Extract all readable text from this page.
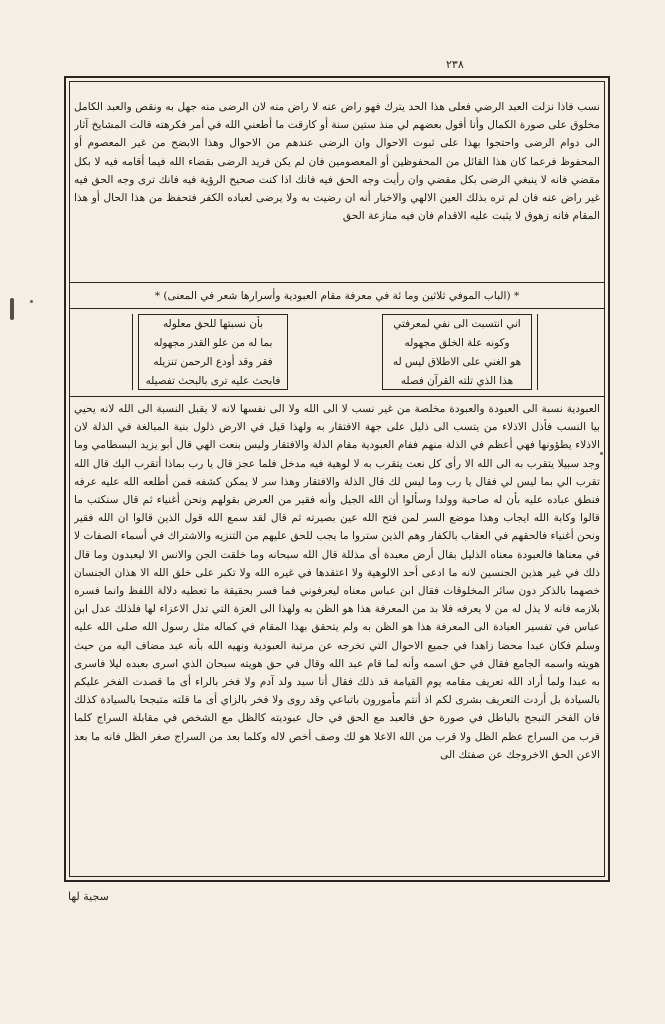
٢٣٨

نسب فاذا نزلت العبد الرضي فعلى هذا الحد يترك فهو راض عنه لا راض منه لان الرضى منه جهل به ونقص والعبد الكامل مخلوق على صورة الكمال وأنا أقول بعضهم لي منذ ستين سنة أو كارقت ما أطعني الله في أمر فكرهته قالت المشايخ آثار الى دوام الرضى واحتجوا بهذا على ثبوت الاحوال وان الرضى عندهم من الاحوال وهذا الابضح من غير المعصوم أو المحفوظ فرعما كان هذا القائل من المحفوظين أو المعصومين فان لم يكن فريد الرضى بقضاء الله فيما أقامه فيه لا بكل مقضي فانه لا ينبغي الرضى بكل مقضي وان رأيت وجه الحق فيه فانك اذا كنت صحيح الرؤية فيه فانك ترى وجه الحق فيه غير راض عنه فان لم تره بذلك العين الالهي والاخبار أنه ان رضيت به ولا يرضى لعباده الكفر فتحفظ من هذا الحال أو هذا المقام فانه زهوق لا يثبت عليه الاقدام فان فيه منازعة الحق

* (الباب الموفي ثلاثين وما ئة في معرفة مقام العبودية وأسرارها شعر في المعنى) *
اني انتسبت الى نفي لمعرفتي
وكونه علة الخلق مجهوله
هو الغني على الاطلاق ليس له
هذا الذي تلته القرآن فصله
بأن نسبتها للحق معلوله
بما له من علو القدر مجهوله
فقر وقد أودع الرحمن تنزيله
فابحث عليه ترى بالبحث تفصيله

العبودية نسبة الى العبودة والعبودة مخلصة من غير نسب لا الى الله ولا الى نفسها لانه لا يقبل النسبة الى الله لانه يحيي بيا النسب فأذل الاذلاء من يتسب الى ذليل على جهة الافتقار به ولهذا قيل في الارض ذلول بنية المبالغة في الذلة لان الاذلاء يطؤونها فهي أعظم في الذلة منهم ففام العبودية مقام الذلة والافتقار وليس بنعت الهي قال أبو يزيد البسطامي وما وجد سبيلا يتقرب به الى الله الا رأى كل نعت يتقرب به لا لوهية فيه مدخل فلما عجز قال يا رب بماذا أتقرب اليك قال الله تقرب الي بما ليس لي فقال يا رب وما ليس لك قال الذلة والافتقار وهذا سر لا يمكن كشفه فمن أطلعه الله عليه عرفه فنطق عباده عليه بأن له صاحبة وولدا وسألوا أن الله الجيل وأنه فقير من العرض بقولهم ونحن أغنياء ثم قال سنكتب ما قالوا وكابة الله ايجاب وهذا موضع السر لمن فتح الله عين بصيرته ثم قال لقد سمع الله قول الذين قالوا ان الله فقير ونحن أغنياء فالحقهم في العقاب بالكفار وهم الذين ستروا ما يجب للحق عليهم من التنزيه والاشتراك في أسماء الصفات لا في معناها فالعبودة معناه الذليل بقال أرض معبدة أى مذللة قال الله سبحانه وما خلقت الجن والانس الا ليعبدون وما قال ذلك في غير هذين الجنسين لانه ما ادعى أحد الالوهية ولا اعتقدها في غيره الله ولا تكبر على خلق الله الا هذان الجنسان خصهما بالذكر دون سائر المخلوقات فقال ابن عباس معناه ليعرفوني فما فسر بحقيقة ما تعطيه دلالة اللفظ وانما فسره بلازمه فانه لا يذل له من لا يعرفه فلا بد من المعرفة هذا هو الظن به ولهذا الى العزة التي تدل الاعزاء لها فلذلك عدل ابن عباس في تفسير العبادة الى المعرفة هذا هو الظن به ولم يتحقق بهذا المقام في كماله مثل رسول الله صلى الله عليه وسلم فكان عبدا محضا زاهدا في جميع الاحوال التي تخرجه عن مرتبة العبودية ونهيه الله بأنه عبد مضاف اليه من حيث هويته واسمه الجامع فقال في حق اسمه وأنه لما قام عبد الله وقال في حق هويته سبحان الذي اسرى بعبده ليلا فاسرى به عبدا ولما أراد الله تعريف مقامه يوم القيامة قد ذلك فقال أنا سيد ولد آدم ولا فخر بالراء أى ما قصدت الفخر عليكم بالسيادة بل أردت التعريف بشرى لكم اذ أنتم مأمورون باتباعي وقد روى ولا فخر بالزاي أى ما قلته متبجحا بالسيادة كذلك فان الفخر التبجح بالباطل في صورة حق فالعبد مع الحق في حال عبوديته كالظل مع الشخص في مقابلة السراج كلما قرب من السراج عظم الظل ولا قرب من الله الاعلا هو لك وصف أخص لاله وكلما بعد من السراج صغر الظل فانه ما بعد الاعن الحق الاخروجك عن صفتك الى

سجية لها
